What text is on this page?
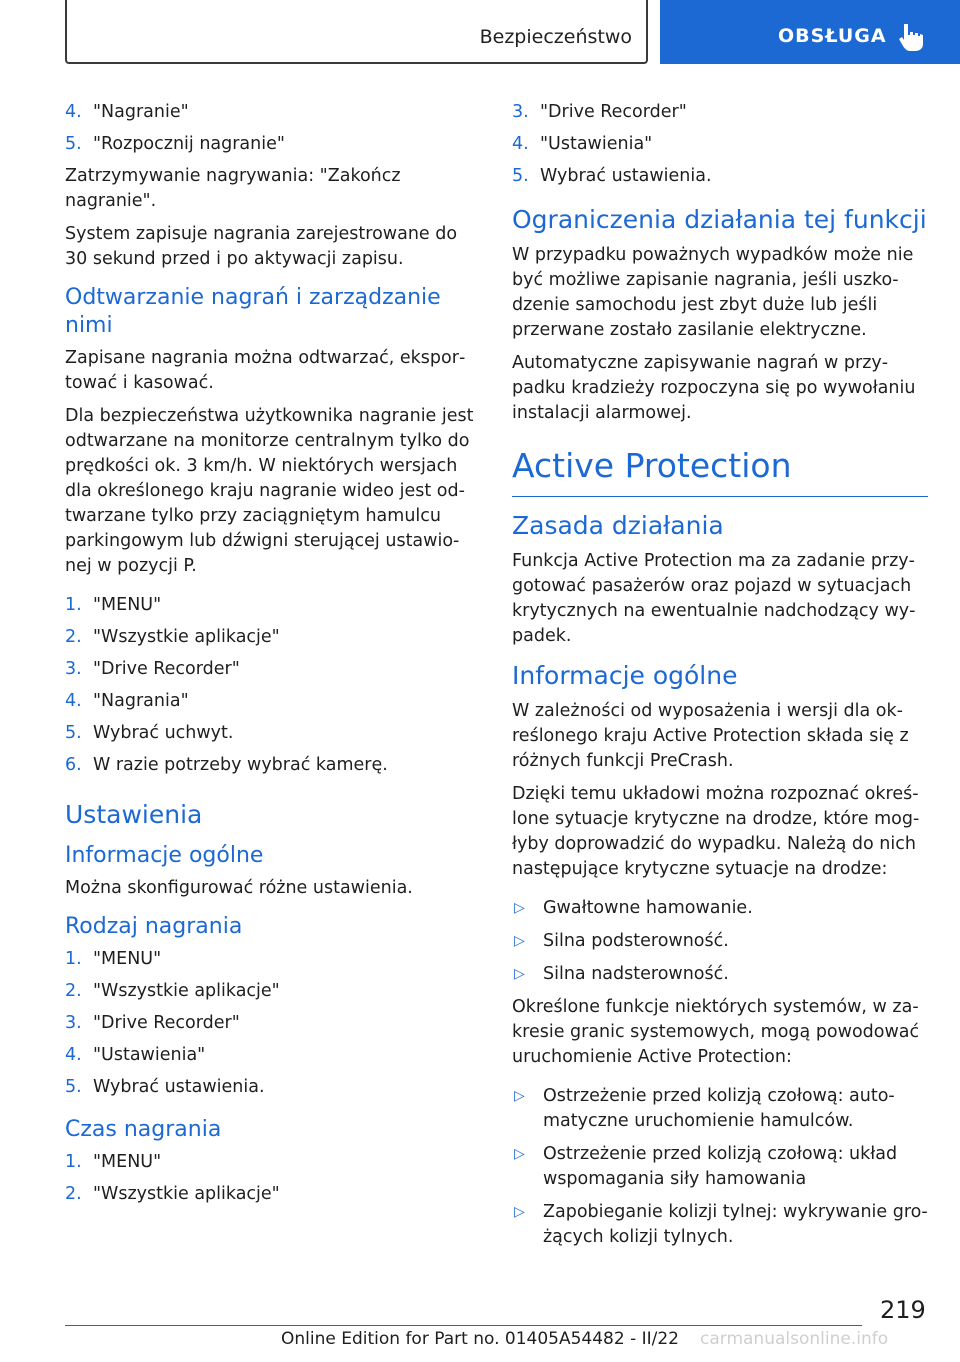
Bezpieczeństwo	OBSŁUGA
4. "Nagranie"
5. "Rozpocznij nagranie"

Zatrzymywanie nagrywania: "Zakończ nagranie".

System zapisuje nagrania zarejestrowane do 30 sekund przed i po aktywacji zapisu.

Odtwarzanie nagrań i zarządzanie nimi

Zapisane nagrania można odtwarzać, ekspor‐ tować i kasować.

Dla bezpieczeństwa użytkownika nagranie jest odtwarzane na monitorze centralnym tylko do prędkości ok. 3 km/h. W niektórych wersjach dla określonego kraju nagranie wideo jest od‐ twarzane tylko przy zaciągniętym hamulcu parkingowym lub dźwigni sterującej ustawio‐ nej w pozycji P.

1. "MENU"
2. "Wszystkie aplikacje"
3. "Drive Recorder"
4. "Nagrania"
5. Wybrać uchwyt.
6. W razie potrzeby wybrać kamerę.
Ustawienia
Informacje ogólne

Można skonfigurować różne ustawienia.

Rodzaj nagrania
1. "MENU"
2. "Wszystkie aplikacje"
3. "Drive Recorder"
4. "Ustawienia"
5. Wybrać ustawienia.
Czas nagrania
1. "MENU"
2. "Wszystkie aplikacje"
3. "Drive Recorder"
4. "Ustawienia"
5. Wybrać ustawienia.
Ograniczenia działania tej funkcji

W przypadku poważnych wypadków może nie być możliwe zapisanie nagrania, jeśli uszko‐ dzenie samochodu jest zbyt duże lub jeśli przerwane zostało zasilanie elektryczne.

Automatyczne zapisywanie nagrań w przy‐ padku kradzieży rozpoczyna się po wywołaniu instalacji alarmowej.

Active Protection
Zasada działania

Funkcja Active Protection ma za zadanie przy‐ gotować pasażerów oraz pojazd w sytuacjach krytycznych na ewentualnie nadchodzący wy‐ padek.

Informacje ogólne

W zależności od wyposażenia i wersji dla ok‐ reślonego kraju Active Protection składa się z różnych funkcji PreCrash.

Dzięki temu układowi można rozpoznać okreś‐ lone sytuacje krytyczne na drodze, które mog‐ łyby doprowadzić do wypadku. Należą do nich następujące krytyczne sytuacje na drodze:

▷	Gwałtowne hamowanie.
▷	Silna podsterowność.
▷	Silna nadsterowność.

Określone funkcje niektórych systemów, w za‐ kresie granic systemowych, mogą powodować uruchomienie Active Protection:

▷	Ostrzeżenie przed kolizją czołową: auto‐ matyczne uruchomienie hamulców.
▷	Ostrzeżenie przed kolizją czołową: układ wspomagania siły hamowania
▷	Zapobieganie kolizji tylnej: wykrywanie gro‐ żących kolizji tylnych.
219
Online Edition for Part no. 01405A54482 - II/22	carmanualsonline.info
